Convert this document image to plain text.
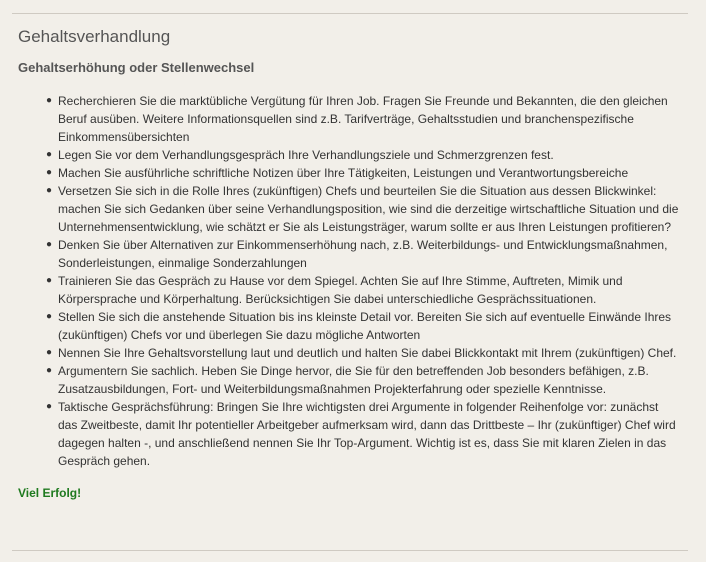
Gehaltsverhandlung
Gehaltserhöhung oder Stellenwechsel
● Recherchieren Sie die marktübliche Vergütung für Ihren Job. Fragen Sie Freunde und Bekannten, die den gleichen Beruf ausüben. Weitere Informationsquellen sind z.B. Tarifverträge, Gehaltsstudien und branchenspezifische Einkommensübersichten
● Legen Sie vor dem Verhandlungsgespräch Ihre Verhandlungsziele und Schmerzgrenzen fest.
● Machen Sie ausführliche schriftliche Notizen über Ihre Tätigkeiten, Leistungen und Verantwortungsbereiche
● Versetzen Sie sich in die Rolle Ihres (zukünftigen) Chefs und beurteilen Sie die Situation aus dessen Blickwinkel: machen Sie sich Gedanken über seine Verhandlungsposition, wie sind die derzeitige wirtschaftliche Situation und die Unternehmensentwicklung, wie schätzt er Sie als Leistungsträger, warum sollte er aus Ihren Leistungen profitieren?
● Denken Sie über Alternativen zur Einkommenserhöhung nach, z.B. Weiterbildungs- und Entwicklungsmaßnahmen, Sonderleistungen, einmalige Sonderzahlungen
● Trainieren Sie das Gespräch zu Hause vor dem Spiegel. Achten Sie auf Ihre Stimme, Auftreten, Mimik und Körpersprache und Körperhaltung. Berücksichtigen Sie dabei unterschiedliche Gesprächssituationen.
● Stellen Sie sich die anstehende Situation bis ins kleinste Detail vor. Bereiten Sie sich auf eventuelle Einwände Ihres (zukünftigen) Chefs vor und überlegen Sie dazu mögliche Antworten
● Nennen Sie Ihre Gehaltsvorstellung laut und deutlich und halten Sie dabei Blickkontakt mit Ihrem (zukünftigen) Chef.
● Argumentern Sie sachlich. Heben Sie Dinge hervor, die Sie für den betreffenden Job besonders befähigen, z.B. Zusatzausbildungen, Fort- und Weiterbildungsmaßnahmen Projekterfahrung oder spezielle Kenntnisse.
● Taktische Gesprächsführung: Bringen Sie Ihre wichtigsten drei Argumente in folgender Reihenfolge vor: zunächst das Zweitbeste, damit Ihr potentieller Arbeitgeber aufmerksam wird, dann das Drittbeste – Ihr (zukünftiger) Chef wird dagegen halten -, und anschließend nennen Sie Ihr Top-Argument. Wichtig ist es, dass Sie mit klaren Zielen in das Gespräch gehen.
Viel Erfolg!
